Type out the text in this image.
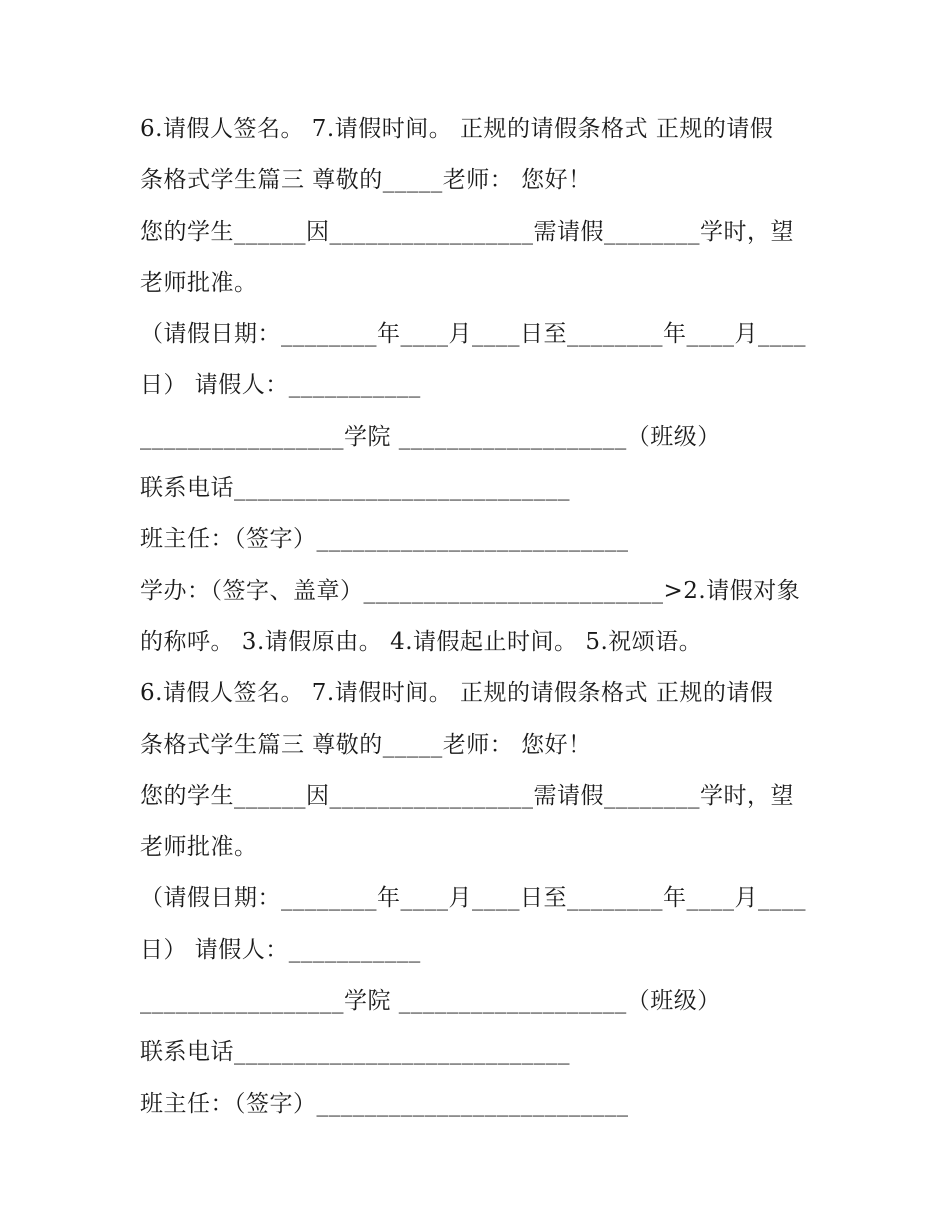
6.请假人签名。 7.请假时间。 正规的请假条格式 正规的请假
条格式学生篇三 尊敬的_____老师： 您好！
您的学生______因_________________需请假________学时，望
老师批准。
（请假日期：________年____月____日至________年____月____
日） 请假人：___________
_________________学院 ___________________（班级）
联系电话____________________________
班主任：（签字）__________________________
学办：（签字、盖章）_________________________>2.请假对象
的称呼。 3.请假原由。 4.请假起止时间。 5.祝颂语。
6.请假人签名。 7.请假时间。 正规的请假条格式 正规的请假
条格式学生篇三 尊敬的_____老师： 您好！
您的学生______因_________________需请假________学时，望
老师批准。
（请假日期：________年____月____日至________年____月____
日） 请假人：___________
_________________学院 ___________________（班级）
联系电话____________________________
班主任：（签字）__________________________
